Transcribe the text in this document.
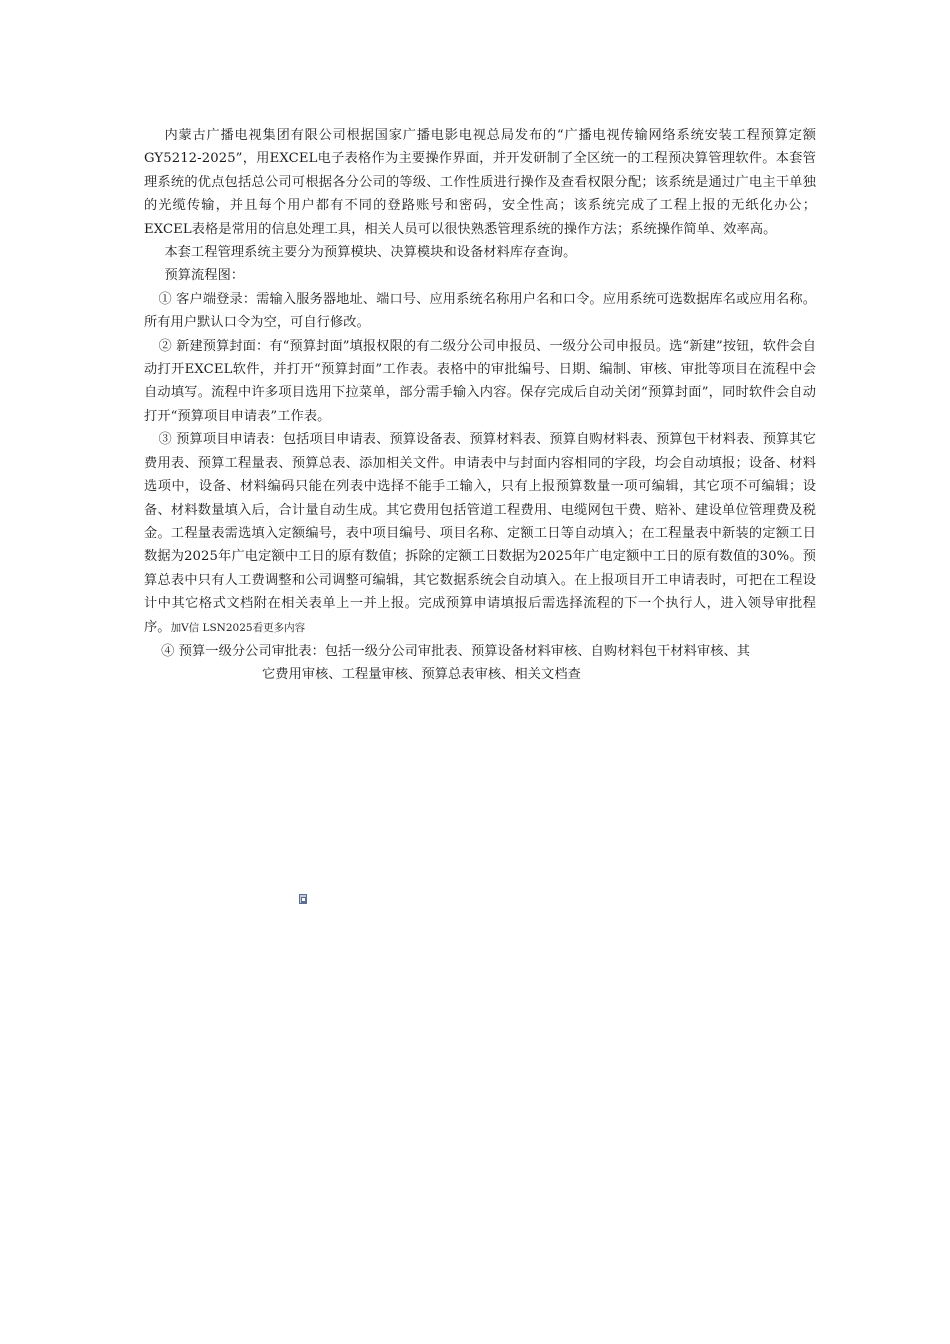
内蒙古广播电视集团有限公司根据国家广播电影电视总局发布的“广播电视传输网络系统安装工程预算定额GY5212-2025”，用EXCEL电子表格作为主要操作界面，并开发研制了全区统一的工程预决算管理软件。本套管理系统的优点包括总公司可根据各分公司的等级、工作性质进行操作及查看权限分配；该系统是通过广电主干单独的光缆传输，并且每个用户都有不同的登路账号和密码，安全性高；该系统完成了工程上报的无纸化办公；EXCEL表格是常用的信息处理工具，相关人员可以很快熟悉管理系统的操作方法；系统操作简单、效率高。

本套工程管理系统主要分为预算模块、决算模块和设备材料库存查询。

预算流程图：

① 客户端登录：需输入服务器地址、端口号、应用系统名称用户名和口令。应用系统可选数据库名或应用名称。所有用户默认口令为空，可自行修改。

② 新建预算封面：有“预算封面”填报权限的有二级分公司申报员、一级分公司申报员。选“新建”按钮，软件会自动打开EXCEL软件，并打开“预算封面”工作表。表格中的审批编号、日期、编制、审核、审批等项目在流程中会自动填写。流程中许多项目选用下拉菜单，部分需手输入内容。保存完成后自动关闭“预算封面”，同时软件会自动打开“预算项目申请表”工作表。

③ 预算项目申请表：包括项目申请表、预算设备表、预算材料表、预算自购材料表、预算包干材料表、预算其它费用表、预算工程量表、预算总表、添加相关文件。申请表中与封面内容相同的字段，均会自动填报；设备、材料选项中，设备、材料编码只能在列表中选择不能手工输入，只有上报预算数量一项可编辑，其它项不可编辑；设备、材料数量填入后，合计量自动生成。其它费用包括管道工程费用、电缆网包干费、赔补、建设单位管理费及税金。工程量表需选填入定额编号，表中项目编号、项目名称、定额工日等自动填入；在工程量表中新装的定额工日数据为2025年广电定额中工日的原有数值；拆除的定额工日数据为2025年广电定额中工日的原有数值的30%。预算总表中只有人工费调整和公司调整可编辑，其它数据系统会自动填入。在上报项目开工申请表时，可把在工程设计中其它格式文档附在相关表单上一并上报。完成预算申请填报后需选择流程的下一个执行人，进入领导审批程序。加V信 LSN2025看更多内容

④ 预算一级分公司审批表：包括一级分公司审批表、预算设备材料审核、自购材料包干材料审核、其

它费用审核、工程量审核、预算总表审核、相关文档查
